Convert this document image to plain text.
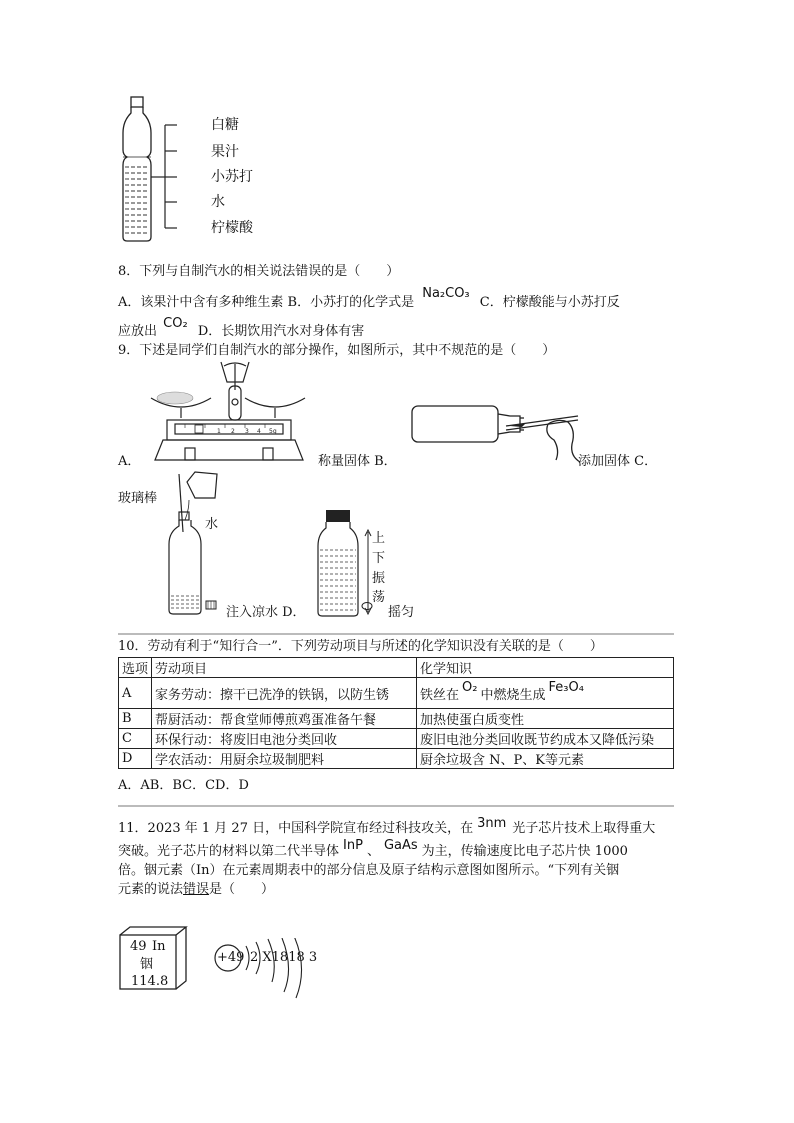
白糖
果汁
小苏打
水
柠檬酸
8．下列与自制汽水的相关说法错误的是（　　）
A．该果汁中含有多种维生素 B．小苏打的化学式是 Na₂CO₃ C．柠檬酸能与小苏打反
应放出 CO₂ D．长期饮用汽水对身体有害
9．下述是同学们自制汽水的部分操作，如图所示，其中不规范的是（　　）
1 2 3 4 5g
A．	称量固体 B．	添加固体 C．
玻璃棒
水
注入凉水 D．
上
下
振
荡
摇匀
10．劳动有利于“知行合一”．下列劳动项目与所述的化学知识没有关联的是（　　）
选项	劳动项目	化学知识
A	家务劳动：擦干已洗净的铁锅，以防生锈	铁丝在O₂中燃烧生成Fe₃O₄
B	帮厨活动：帮食堂师傅煎鸡蛋准备午餐	加热使蛋白质变性
C	环保行动：将废旧电池分类回收	废旧电池分类回收既节约成本又降低污染
D	学农活动：用厨余垃圾制肥料	厨余垃圾含 N、P、K等元素
A．AB．BC．CD．D
11．2023 年 1 月 27 日，中国科学院宣布经过科技攻关，在 3nm 光子芯片技术上取得重大
突破。光子芯片的材料以第二代半导体 InP 、 GaAs 为主，传输速度比电子芯片快 1000
倍。铟元素（In）在元素周期表中的部分信息及原子结构示意图如图所示。“下列有关铟
元素的说法错误是（　　）
49 In
铟
114.8
+49 2 X1818 3
